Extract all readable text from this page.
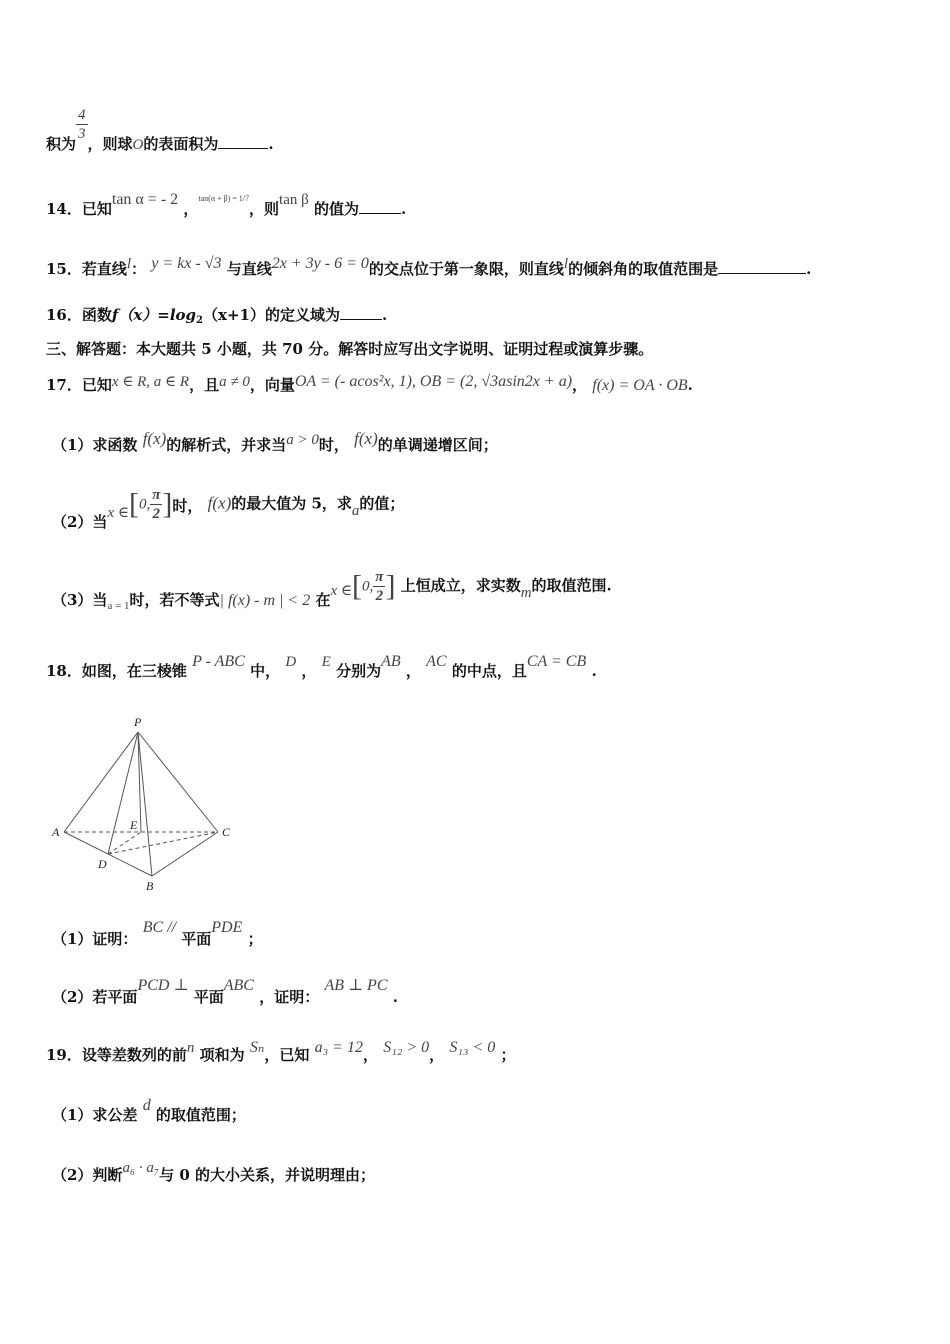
积为
$\frac{4}{3}$
，则球O的表面积为	.
14．已知tan α = - 2 ，$^{tan(\alpha + \beta) = 1/7}$，则tan β 的值为	.
15．若直线l： y = kx - √3 与直线2x + 3y - 6 = 0的交点位于第一象限，则直线l的倾斜角的取值范围是	.
16．函数$f(x)=\log_2(x+1)$的定义域为	.
三、解答题：本大题共 5 小题，共 70 分。解答时应写出文字说明、证明过程或演算步骤。
17．已知x ∈ R, a ∈ R，且a ≠ 0，向量OA = (- acos²x, 1), OB = (2, √3asin2x + a)， f(x) = OA · OB.
（1）求函数 f(x)的解析式，并求当a > 0时， f(x)的单调递增区间；
（2）当x ∈[0, $\frac{\pi}{2}$ ]时， f(x)的最大值为 5，求a的值；
（3）当$_{a = 1}$时，若不等式| f(x) - m | < 2 在x ∈[0, $\frac{\pi}{2}$ ] 上恒成立，求实数m的取值范围.
18．如图，在三棱锥 P - ABC 中， D ， E 分别为AB ， AC 的中点，且CA = CB .
P
A	C
E
D
B
（1）证明： BC // 平面PDE ；
（2）若平面PCD ⊥ 平面ABC ，证明： AB ⊥ PC .
19．设等差数列的前n 项和为 Sₙ，已知 a₃ = 12， S₁₂ > 0， S₁₃ < 0 ；
（1）求公差 d 的取值范围；
（2）判断a₆ · a₇与 0 的大小关系，并说明理由；
